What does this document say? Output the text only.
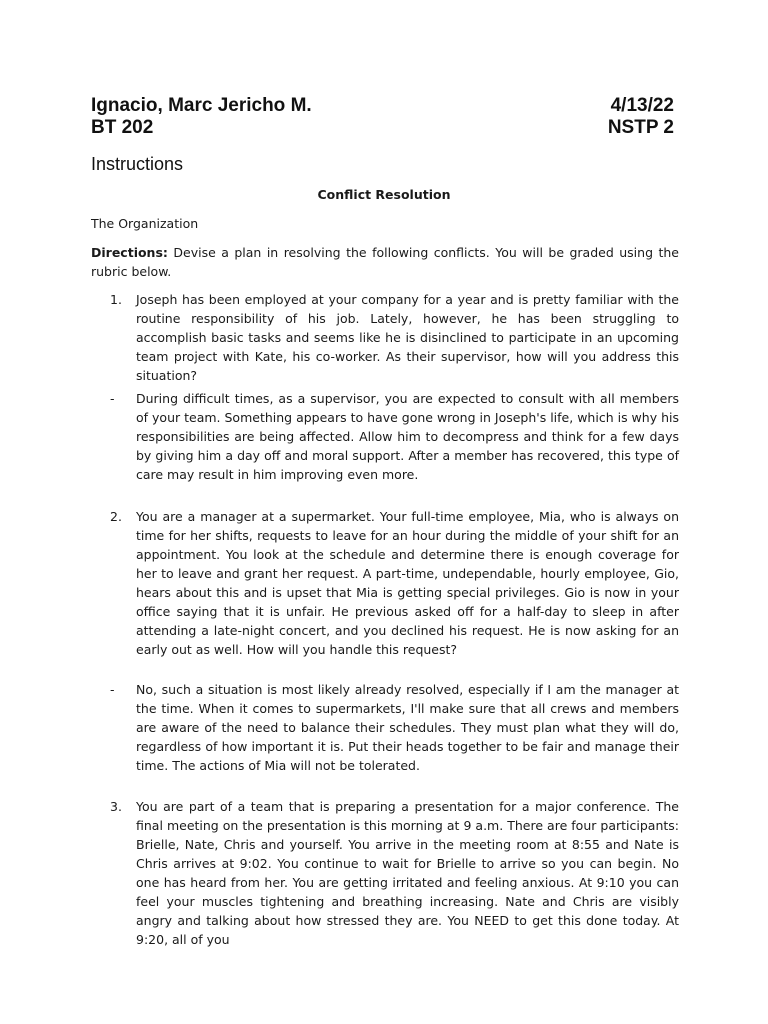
Ignacio, Marc Jericho M.	4/13/22
BT 202	NSTP 2
Instructions
Conflict Resolution
The Organization
Directions: Devise a plan in resolving the following conflicts. You will be graded using the rubric below.
1.	Joseph has been employed at your company for a year and is pretty familiar with the routine responsibility of his job. Lately, however, he has been struggling to accomplish basic tasks and seems like he is disinclined to participate in an upcoming team project with Kate, his co-worker. As their supervisor, how will you address this situation?
-	During difficult times, as a supervisor, you are expected to consult with all members of your team. Something appears to have gone wrong in Joseph's life, which is why his responsibilities are being affected. Allow him to decompress and think for a few days by giving him a day off and moral support. After a member has recovered, this type of care may result in him improving even more.
2.	You are a manager at a supermarket. Your full-time employee, Mia, who is always on time for her shifts, requests to leave for an hour during the middle of your shift for an appointment. You look at the schedule and determine there is enough coverage for her to leave and grant her request. A part-time, undependable, hourly employee, Gio, hears about this and is upset that Mia is getting special privileges. Gio is now in your office saying that it is unfair. He previous asked off for a half-day to sleep in after attending a late-night concert, and you declined his request. He is now asking for an early out as well. How will you handle this request?
-	No, such a situation is most likely already resolved, especially if I am the manager at the time. When it comes to supermarkets, I'll make sure that all crews and members are aware of the need to balance their schedules. They must plan what they will do, regardless of how important it is. Put their heads together to be fair and manage their time. The actions of Mia will not be tolerated.
3.	You are part of a team that is preparing a presentation for a major conference. The final meeting on the presentation is this morning at 9 a.m. There are four participants: Brielle, Nate, Chris and yourself. You arrive in the meeting room at 8:55 and Nate is Chris arrives at 9:02. You continue to wait for Brielle to arrive so you can begin. No one has heard from her. You are getting irritated and feeling anxious. At 9:10 you can feel your muscles tightening and breathing increasing. Nate and Chris are visibly angry and talking about how stressed they are. You NEED to get this done today. At 9:20, all of you
